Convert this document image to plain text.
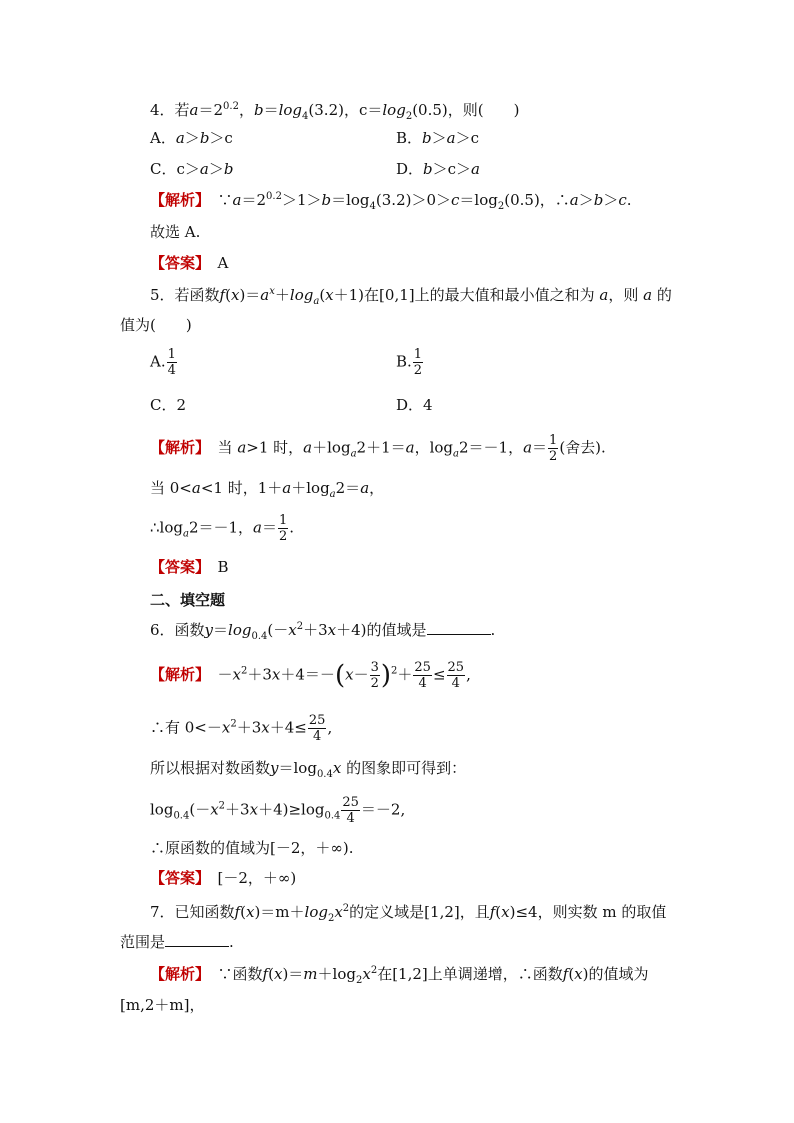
4．若$a=2^{0.2}$，$b=\log_4(3.2)$，$c=\log_2(0.5)$，则(　　)
A．a＞b＞c	B．b＞a＞c
C．c＞a＞b	D．b＞c＞a
【解析】　$\because a=2^{0.2}>1>b=\log_4(3.2)>0>c=\log_2(0.5)$，∴a＞b＞c.
故选 A.
【答案】　 A
5．若函数$f(x)=a^x+\log_a(x+1)$在[0,1]上的最大值和最小值之和为 a，则 a 的
值为(　　)
A. $\frac{1}{4}$	B. $\frac{1}{2}$
C．2	D．4
【解析】　 当 a>1 时，$a+\log_a2+1=a$，$\log_a2=-1$，$a= \frac{1}{2}$ (舍去).
当 0<a<1 时，$1+a+\log_a2=a$，
$\therefore\log_a2=-1$，$a= \frac{1}{2}$ .
【答案】　 B
二、填空题
6．函数$y=\log_{0.4}(-x^2+3x+4)$的值域是	.
【解析】　$-x^2+3x+4=-(x- \frac{3}{2} )^2+ \frac{25}{4} \le \frac{25}{4}$ ,
∴有 $0<-x^2+3x+4\le \frac{25}{4}$ ,
所以根据对数函数$y=\log_{0.4}x$ 的图象即可得到：
$\log_{0.4}(-x^2+3x+4)\ge\log_{0.4} \frac{25}{4} =-2$,
∴原函数的值域为[－2，＋∞).
【答案】　 [－2，＋∞)
7．已知函数$f(x)=m+\log_2x^2$的定义域是[1,2]，且f(x)≤4，则实数 m 的取值
范围是	.
【解析】　 ∵函数$f(x)=m+\log_2x^2$在[1,2]上单调递增，∴函数f(x)的值域为
[m,2＋m]，
